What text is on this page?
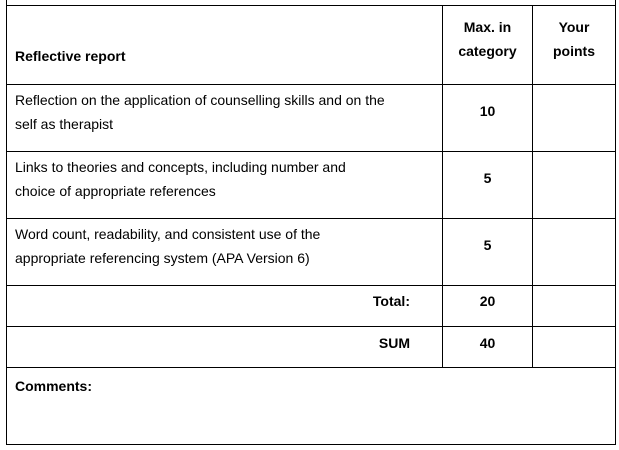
Reflective report
Max. in
category
Your
points
Reflection on the application of counselling skills and on the
self as therapist
10
Links to theories and concepts, including number and
choice of appropriate references
5
Word count, readability, and consistent use of the
appropriate referencing system (APA Version 6)
5
Total:	20
SUM	40
Comments:
